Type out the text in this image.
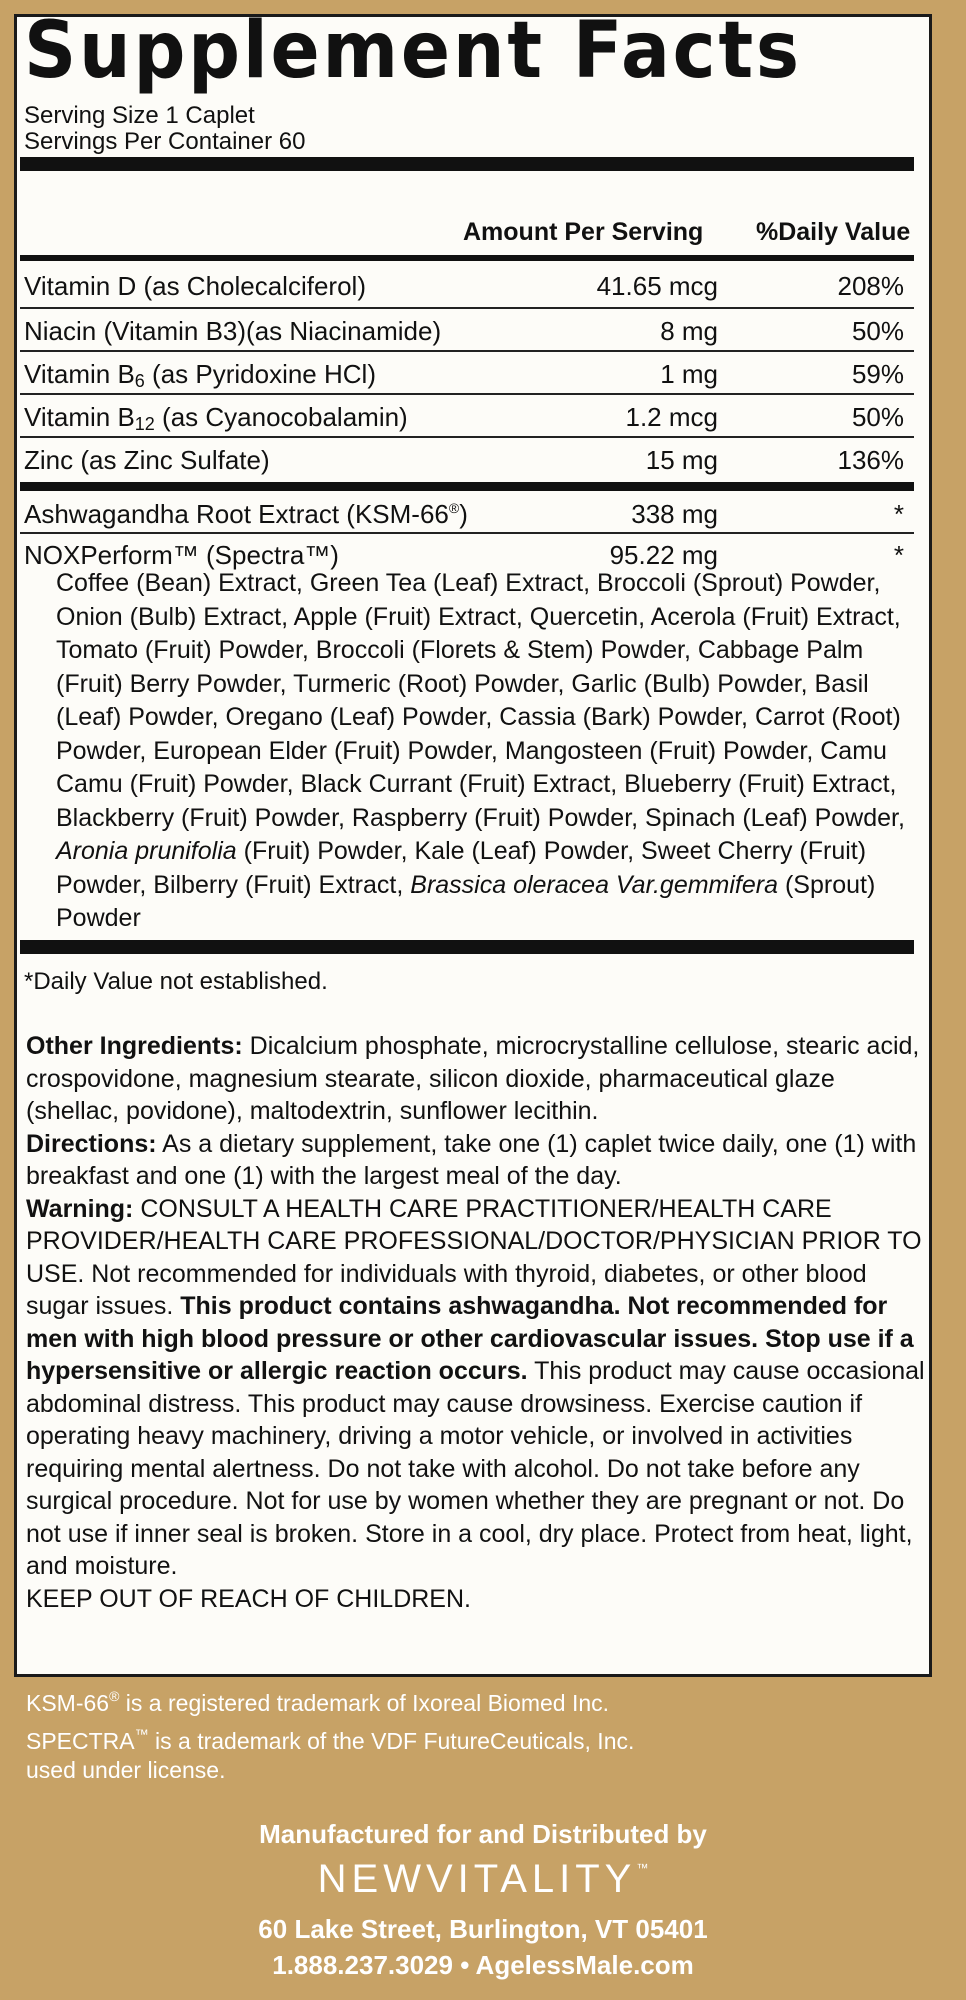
Supplement Facts
Serving Size 1 Caplet
Servings Per Container 60
Amount Per Serving %Daily Value
Vitamin D (as Cholecalciferol)	41.65 mcg	208%
Niacin (Vitamin B3)(as Niacinamide)	8 mg	50%
Vitamin $B_6$ (as Pyridoxine HCl)	1 mg	59%
Vitamin $B_{12}$ (as Cyanocobalamin)	1.2 mcg	50%
Zinc (as Zinc Sulfate)	15 mg	136%
Ashwagandha Root Extract (KSM-66®)	338 mg	*
NOXPerform™ (Spectra™)	95.22 mg	*
Coffee (Bean) Extract, Green Tea (Leaf) Extract, Broccoli (Sprout) Powder, Onion (Bulb) Extract, Apple (Fruit) Extract, Quercetin, Acerola (Fruit) Extract, Tomato (Fruit) Powder, Broccoli (Florets & Stem) Powder, Cabbage Palm (Fruit) Berry Powder, Turmeric (Root) Powder, Garlic (Bulb) Powder, Basil (Leaf) Powder, Oregano (Leaf) Powder, Cassia (Bark) Powder, Carrot (Root) Powder, European Elder (Fruit) Powder, Mangosteen (Fruit) Powder, Camu Camu (Fruit) Powder, Black Currant (Fruit) Extract, Blueberry (Fruit) Extract, Blackberry (Fruit) Powder, Raspberry (Fruit) Powder, Spinach (Leaf) Powder, Aronia prunifolia (Fruit) Powder, Kale (Leaf) Powder, Sweet Cherry (Fruit) Powder, Bilberry (Fruit) Extract, Brassica oleracea Var.gemmifera (Sprout) Powder
*Daily Value not established.

Other Ingredients: Dicalcium phosphate, microcrystalline cellulose, stearic acid, crospovidone, magnesium stearate, silicon dioxide, pharmaceutical glaze (shellac, povidone), maltodextrin, sunflower lecithin.

Directions: As a dietary supplement, take one (1) caplet twice daily, one (1) with breakfast and one (1) with the largest meal of the day.

Warning: CONSULT A HEALTH CARE PRACTITIONER/HEALTH CARE PROVIDER/HEALTH CARE PROFESSIONAL/DOCTOR/PHYSICIAN PRIOR TO USE. Not recommended for individuals with thyroid, diabetes, or other blood sugar issues. This product contains ashwagandha. Not recommended for men with high blood pressure or other cardiovascular issues. Stop use if a hypersensitive or allergic reaction occurs. This product may cause occasional abdominal distress. This product may cause drowsiness. Exercise caution if operating heavy machinery, driving a motor vehicle, or involved in activities requiring mental alertness. Do not take with alcohol. Do not take before any surgical procedure. Not for use by women whether they are pregnant or not. Do not use if inner seal is broken. Store in a cool, dry place. Protect from heat, light, and moisture.

KEEP OUT OF REACH OF CHILDREN.

KSM-66® is a registered trademark of Ixoreal Biomed Inc.
SPECTRA™ is a trademark of the VDF FutureCeuticals, Inc.
used under license.
Manufactured for and Distributed by
NEWVITALITY™
60 Lake Street, Burlington, VT 05401
1.888.237.3029 • AgelessMale.com
